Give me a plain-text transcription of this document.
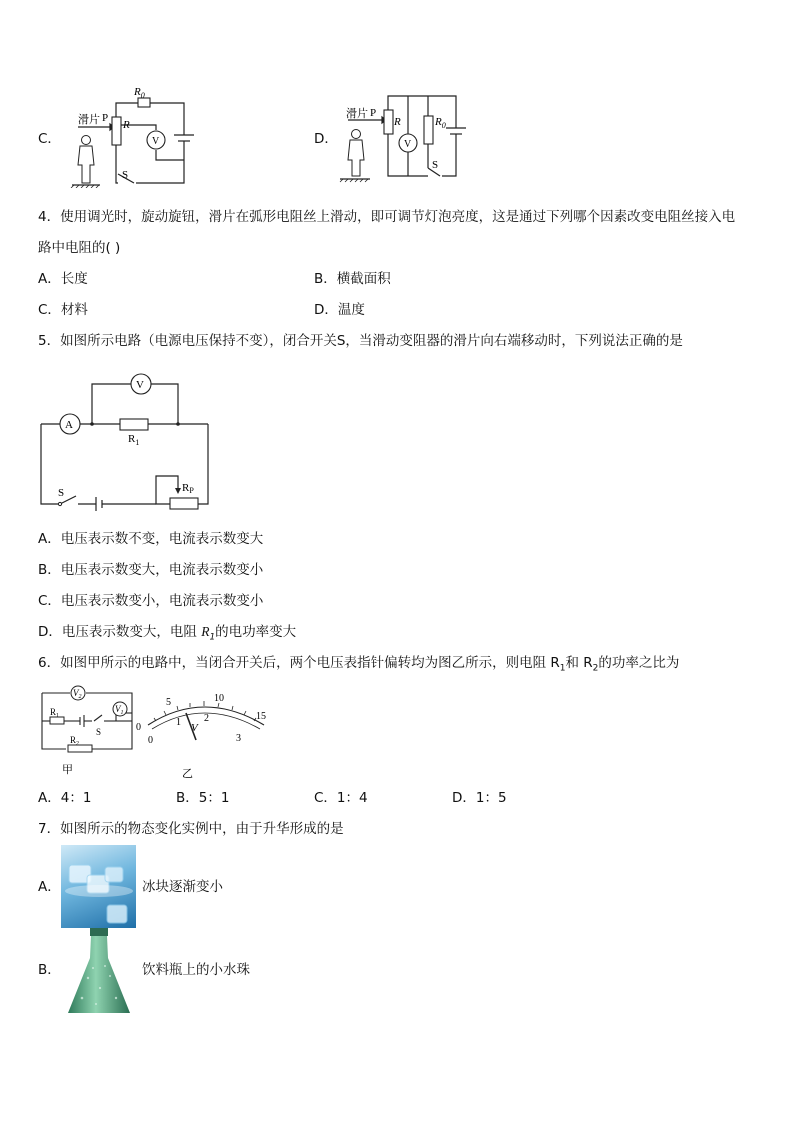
C．
滑片 P
R
$R_0$
V
S
D．
滑片 P
R	$R_0$
V
S
4．使用调光时，旋动旋钮，滑片在弧形电阻丝上滑动，即可调节灯泡亮度，这是通过下列哪个因素改变电阻丝接入电
路中电阻的( )
A．长度	B．横截面积
C．材料	D．温度
5．如图所示电路（电源电压保持不变），闭合开关S，当滑动变阻器的滑片向右端移动时，下列说法正确的是
V
A
$R_1$
S	RP
A．电压表示数不变，电流表示数变大
B．电压表示数变大，电流表示数变小
C．电压表示数变小，电流表示数变小
D．电压表示数变大，电阻 $R_1$的电功率变大
6．如图甲所示的电路中，当闭合开关后，两个电压表指针偏转均为图乙所示，则电阻 $R_1$和 $R_2$的功率之比为
$V_2$
$V_1$
$R_1$
$R_2$
S
甲
0
5	10
15
0
1 2
3
V
乙
A．4：1	B．5：1	C．1：4	D．1：5
7．如图所示的物态变化实例中，由于升华形成的是
A．	冰块逐渐变小
B．	饮料瓶上的小水珠
